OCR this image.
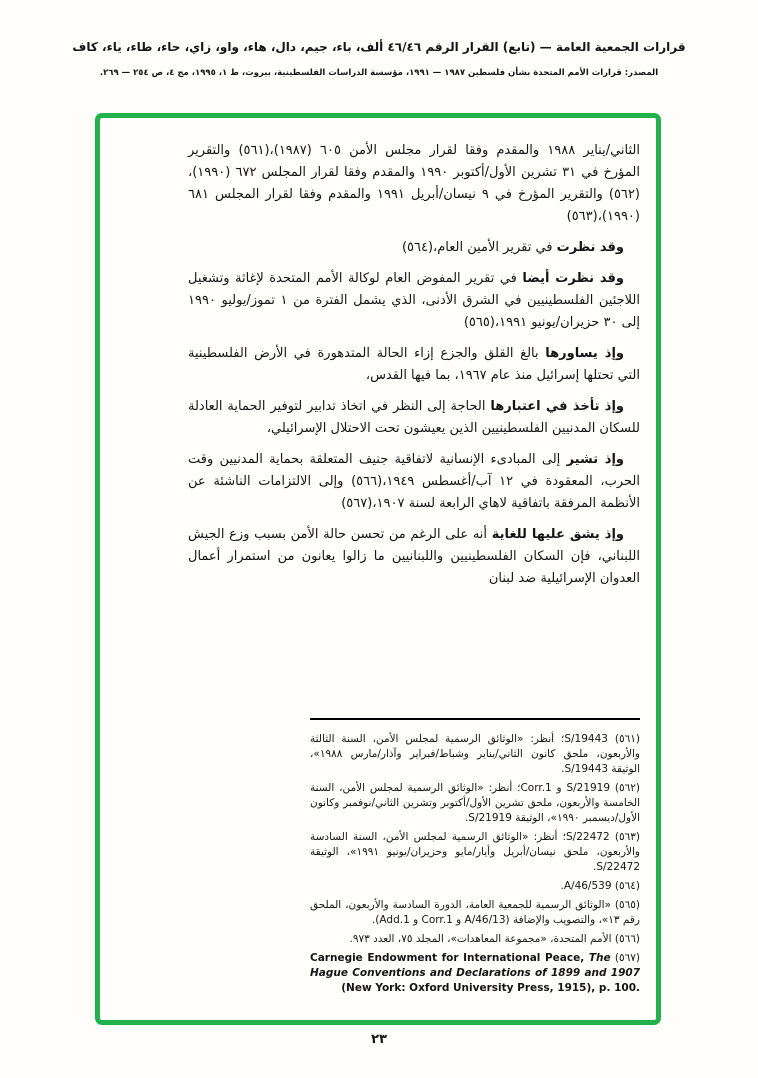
قرارات الجمعية العامة — (تابع) القرار الرقم ٤٦/٤٦ ألف، باء، جيم، دال، هاء، واو، زاي، حاء، طاء، ياء، كاف
المصدر: قرارات الأمم المتحدة بشأن فلسطين ١٩٨٧ — ١٩٩١، مؤسسة الدراسات الفلسطينية، بيروت، ط ١، ١٩٩٥، مج ٤، ص ٢٥٤ — ٢٦٩.

الثاني/يناير ١٩٨٨ والمقدم وفقا لقرار مجلس الأمن ٦٠٥ (١٩٨٧)،(٥٦١) والتقرير المؤرخ في ٣١ تشرين الأول/أكتوبر ١٩٩٠ والمقدم وفقا لقرار المجلس ٦٧٢ (١٩٩٠)،(٥٦٢) والتقرير المؤرخ في ٩ نيسان/أبريل ١٩٩١ والمقدم وفقا لقرار المجلس ٦٨١ (١٩٩٠)،(٥٦٣)

وقد نظرت في تقرير الأمين العام،(٥٦٤)

وقد نظرت أيضا في تقرير المفوض العام لوكالة الأمم المتحدة لإغاثة وتشغيل اللاجئين الفلسطينيين في الشرق الأدنى، الذي يشمل الفترة من ١ تموز/يوليو ١٩٩٠ إلى ٣٠ حزيران/يونيو ١٩٩١،(٥٦٥)

وإذ يساورها بالغ القلق والجزع إزاء الحالة المتدهورة في الأرض الفلسطينية التي تحتلها إسرائيل منذ عام ١٩٦٧، بما فيها القدس،

وإذ تأخذ في اعتبارها الحاجة إلى النظر في اتخاذ تدابير لتوفير الحماية العادلة للسكان المدنيين الفلسطينيين الذين يعيشون تحت الاحتلال الإسرائيلي،

وإذ تشير إلى المبادىء الإنسانية لاتفاقية جنيف المتعلقة بحماية المدنيين وقت الحرب، المعقودة في ١٢ آب/أغسطس ١٩٤٩،(٥٦٦) وإلى الالتزامات الناشئة عن الأنظمة المرفقة باتفاقية لاهاي الرابعة لسنة ١٩٠٧،(٥٦٧)

وإذ يشق عليها للغاية أنه على الرغم من تحسن حالة الأمن بسبب وزع الجيش اللبناني، فإن السكان الفلسطينيين واللبنانيين ما زالوا يعانون من استمرار أعمال العدوان الإسرائيلية ضد لبنان

(٥٦١) S/19443؛ أنظر: «الوثائق الرسمية لمجلس الأمن، السنة الثالثة والأربعون، ملحق كانون الثاني/يناير وشباط/فبراير وآذار/مارس ١٩٨٨»، الوثيقة S/19443.
(٥٦٢) S/21919 و Corr.1؛ أنظر: «الوثائق الرسمية لمجلس الأمن، السنة الخامسة والأربعون، ملحق تشرين الأول/أكتوبر وتشرين الثاني/نوفمبر وكانون الأول/ديسمبر ١٩٩٠»، الوثيقة S/21919.
(٥٦٣) S/22472؛ أنظر: «الوثائق الرسمية لمجلس الأمن، السنة السادسة والأربعون، ملحق نيسان/أبريل وأيار/مايو وحزيران/يونيو ١٩٩١»، الوثيقة S/22472.
(٥٦٤) A/46/539.
(٥٦٥) «الوثائق الرسمية للجمعية العامة، الدورة السادسة والأربعون، الملحق رقم ١٣»، والتصويب والإضافة (A/46/13 و Corr.1 و Add.1).
(٥٦٦) الأمم المتحدة، «مجموعة المعاهدات»، المجلد ٧٥، العدد ٩٧٣.
(٥٦٧) Carnegie Endowment for International Peace, The Hague Conventions and Declarations of 1899 and 1907 (New York: Oxford University Press, 1915), p. 100.
٢٣
